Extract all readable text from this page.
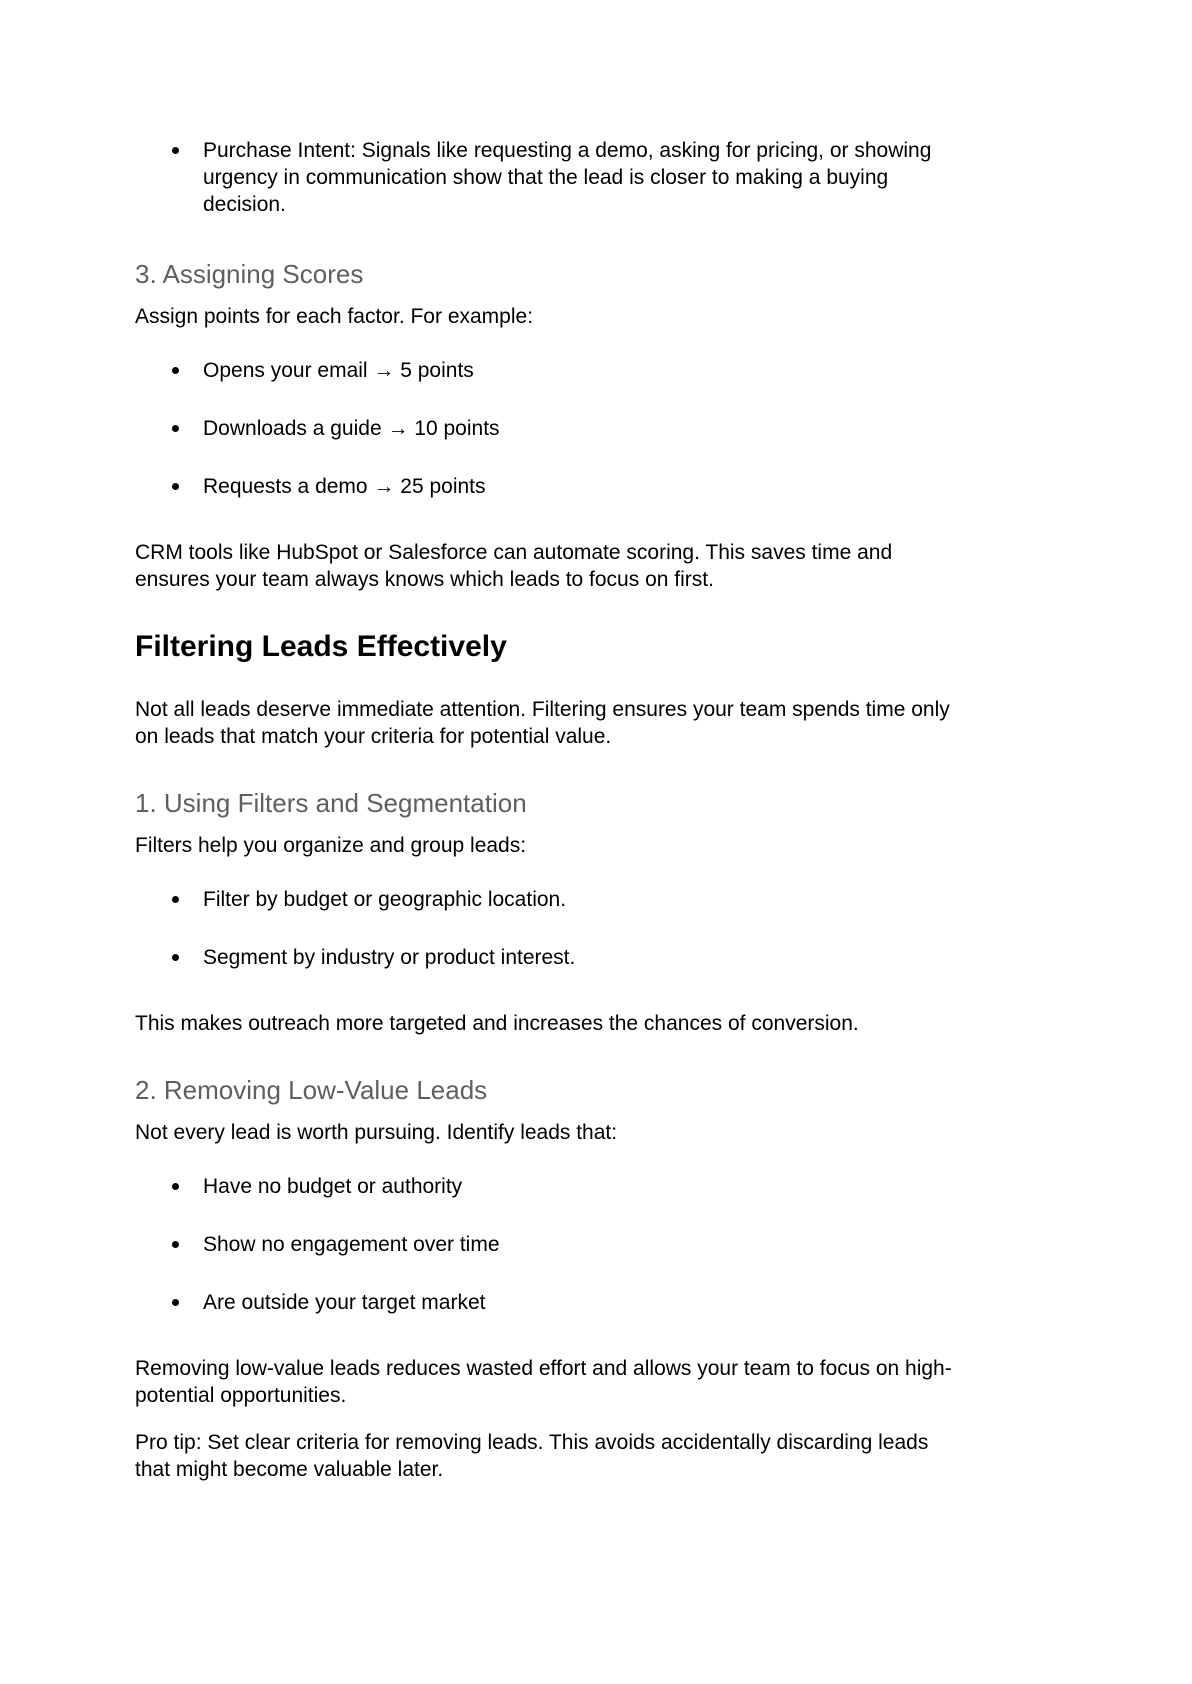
Purchase Intent: Signals like requesting a demo, asking for pricing, or showing urgency in communication show that the lead is closer to making a buying decision.
3. Assigning Scores

Assign points for each factor. For example:

Opens your email → 5 points
Downloads a guide → 10 points
Requests a demo → 25 points

CRM tools like HubSpot or Salesforce can automate scoring. This saves time and ensures your team always knows which leads to focus on first.

Filtering Leads Effectively

Not all leads deserve immediate attention. Filtering ensures your team spends time only on leads that match your criteria for potential value.

1. Using Filters and Segmentation

Filters help you organize and group leads:

Filter by budget or geographic location.
Segment by industry or product interest.

This makes outreach more targeted and increases the chances of conversion.

2. Removing Low-Value Leads

Not every lead is worth pursuing. Identify leads that:

Have no budget or authority
Show no engagement over time
Are outside your target market

Removing low-value leads reduces wasted effort and allows your team to focus on high-potential opportunities.

Pro tip: Set clear criteria for removing leads. This avoids accidentally discarding leads that might become valuable later.
